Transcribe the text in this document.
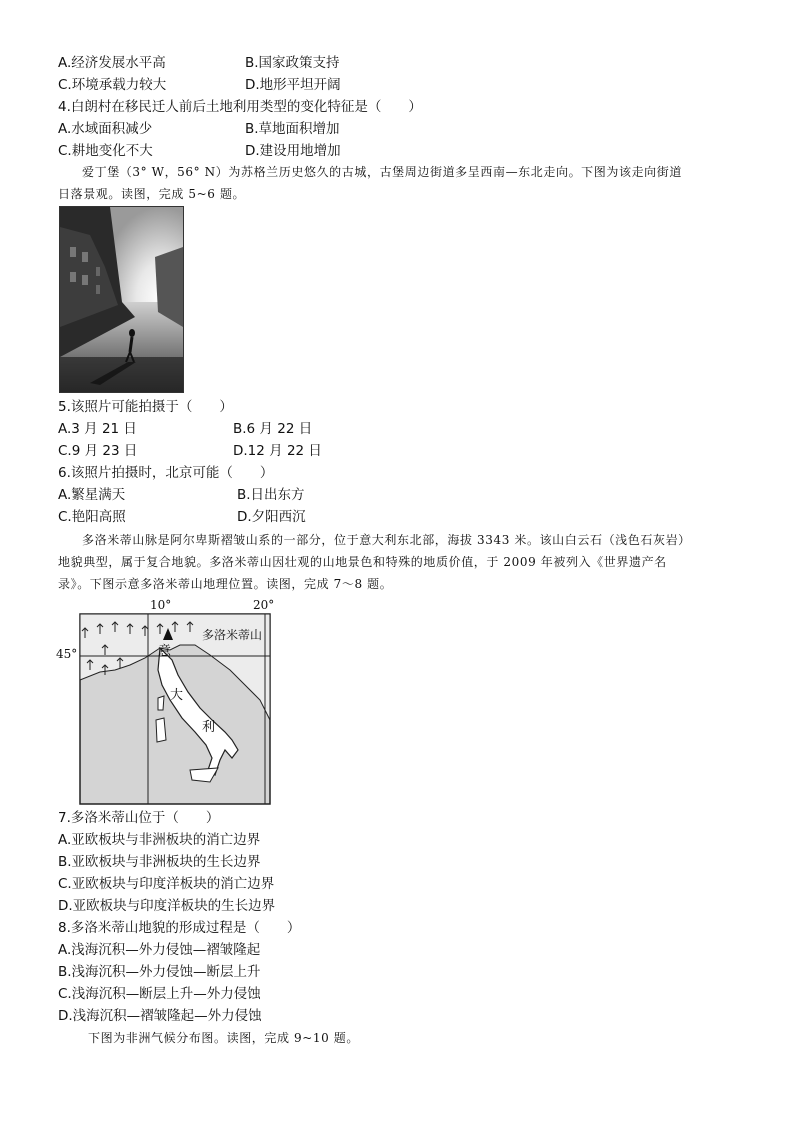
A.经济发展水平高	B.国家政策支持
C.环境承载力较大	D.地形平坦开阔
4.白朗村在移民迁人前后土地利用类型的变化特征是（　　）
A.水域面积减少	B.草地面积增加
C.耕地变化不大	D.建设用地增加
爱丁堡（3° W，56° N）为苏格兰历史悠久的古城，古堡周边街道多呈西南—东北走向。下图为该走向街道
日落景观。读图，完成 5~6 题。
5.该照片可能拍摄于（　　）
A.3 月 21 日	B.6 月 22 日
C.9 月 23 日	D.12 月 22 日
6.该照片拍摄时，北京可能（　　）
A.繁星满天	B.日出东方
C.艳阳高照	D.夕阳西沉
多洛米蒂山脉是阿尔卑斯褶皱山系的一部分，位于意大利东北部，海拔 3343 米。该山白云石（浅色石灰岩）
地貌典型，属于复合地貌。多洛米蒂山因壮观的山地景色和特殊的地质价值，于 2009 年被列入《世界遗产名
录》。下图示意多洛米蒂山地理位置。读图，完成 7～8 题。
10°	20°
45°
多洛米蒂山
意
大
利
7.多洛米蒂山位于（　　）
A.亚欧板块与非洲板块的消亡边界
B.亚欧板块与非洲板块的生长边界
C.亚欧板块与印度洋板块的消亡边界
D.亚欧板块与印度洋板块的生长边界
8.多洛米蒂山地貌的形成过程是（　　）
A.浅海沉积—外力侵蚀—褶皱隆起
B.浅海沉积—外力侵蚀—断层上升
C.浅海沉积—断层上升—外力侵蚀
D.浅海沉积—褶皱隆起—外力侵蚀
下图为非洲气候分布图。读图，完成 9~10 题。
